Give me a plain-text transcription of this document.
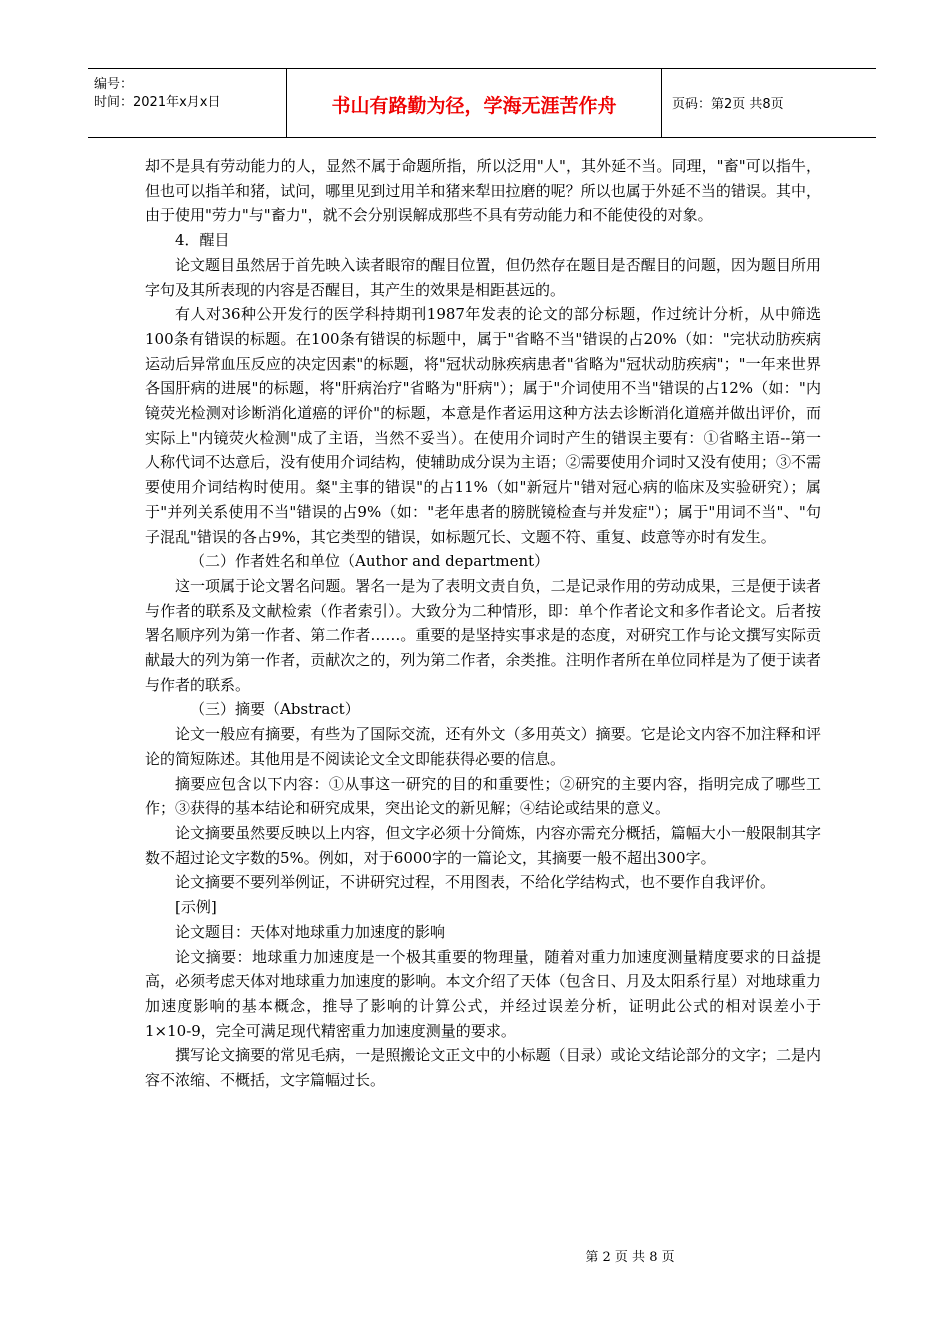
编号：
时间：2021年x月x日	书山有路勤为径，学海无涯苦作舟	页码：第2页 共8页

却不是具有劳动能力的人，显然不属于命题所指，所以泛用"人"，其外延不当。同理，"畜"可以指牛，但也可以指羊和猪，试问，哪里见到过用羊和猪来犁田拉磨的呢？所以也属于外延不当的错误。其中，由于使用"劳力"与"畜力"，就不会分别误解成那些不具有劳动能力和不能使役的对象。

4．醒目

论文题目虽然居于首先映入读者眼帘的醒目位置，但仍然存在题目是否醒目的问题，因为题目所用字句及其所表现的内容是否醒目，其产生的效果是相距甚远的。

有人对36种公开发行的医学科持期刊1987年发表的论文的部分标题，作过统计分析，从中筛选100条有错误的标题。在100条有错误的标题中，属于"省略不当"错误的占20%（如："完状动肪疾病运动后异常血压反应的决定因素"的标题，将"冠状动脉疾病患者"省略为"冠状动肪疾病"；"一年来世界各国肝病的进展"的标题，将"肝病治疗"省略为"肝病"）；属于"介词使用不当"错误的占12%（如："内镜荧光检测对诊断消化道癌的评价"的标题，本意是作者运用这种方法去诊断消化道癌并做出评价，而实际上"内镜荧火检测"成了主语，当然不妥当）。在使用介词时产生的错误主要有：①省略主语--第一人称代词不达意后，没有使用介词结构，使辅助成分误为主语；②需要使用介词时又没有使用；③不需要使用介词结构时使用。粲"主事的错误"的占11%（如"新冠片"错对冠心病的临床及实验研究）；属于"并列关系使用不当"错误的占9%（如："老年患者的膀胱镜检查与并发症"）；属于"用词不当"、"句子混乱"错误的各占9%，其它类型的错误，如标题冗长、文题不符、重复、歧意等亦时有发生。

（二）作者姓名和单位（Author and department）

这一项属于论文署名问题。署名一是为了表明文责自负，二是记录作用的劳动成果，三是便于读者与作者的联系及文献检索（作者索引）。大致分为二种情形，即：单个作者论文和多作者论文。后者按署名顺序列为第一作者、第二作者……。重要的是坚持实事求是的态度，对研究工作与论文撰写实际贡献最大的列为第一作者，贡献次之的，列为第二作者，余类推。注明作者所在单位同样是为了便于读者与作者的联系。

（三）摘要（Abstract）

论文一般应有摘要，有些为了国际交流，还有外文（多用英文）摘要。它是论文内容不加注释和评论的简短陈述。其他用是不阅读论文全文即能获得必要的信息。

摘要应包含以下内容：①从事这一研究的目的和重要性；②研究的主要内容，指明完成了哪些工作；③获得的基本结论和研究成果，突出论文的新见解；④结论或结果的意义。

论文摘要虽然要反映以上内容，但文字必须十分简炼，内容亦需充分概括，篇幅大小一般限制其字数不超过论文字数的5%。例如，对于6000字的一篇论文，其摘要一般不超出300字。

论文摘要不要列举例证，不讲研究过程，不用图表，不给化学结构式，也不要作自我评价。

[示例]

论文题目：天体对地球重力加速度的影响

论文摘要：地球重力加速度是一个极其重要的物理量，随着对重力加速度测量精度要求的日益提高，必须考虑天体对地球重力加速度的影响。本文介绍了天体（包含日、月及太阳系行星）对地球重力加速度影响的基本概念，推导了影响的计算公式，并经过误差分析，证明此公式的相对误差小于1×10-9，完全可满足现代精密重力加速度测量的要求。

撰写论文摘要的常见毛病，一是照搬论文正文中的小标题（目录）或论文结论部分的文字；二是内容不浓缩、不概括，文字篇幅过长。

第 2 页 共 8 页
